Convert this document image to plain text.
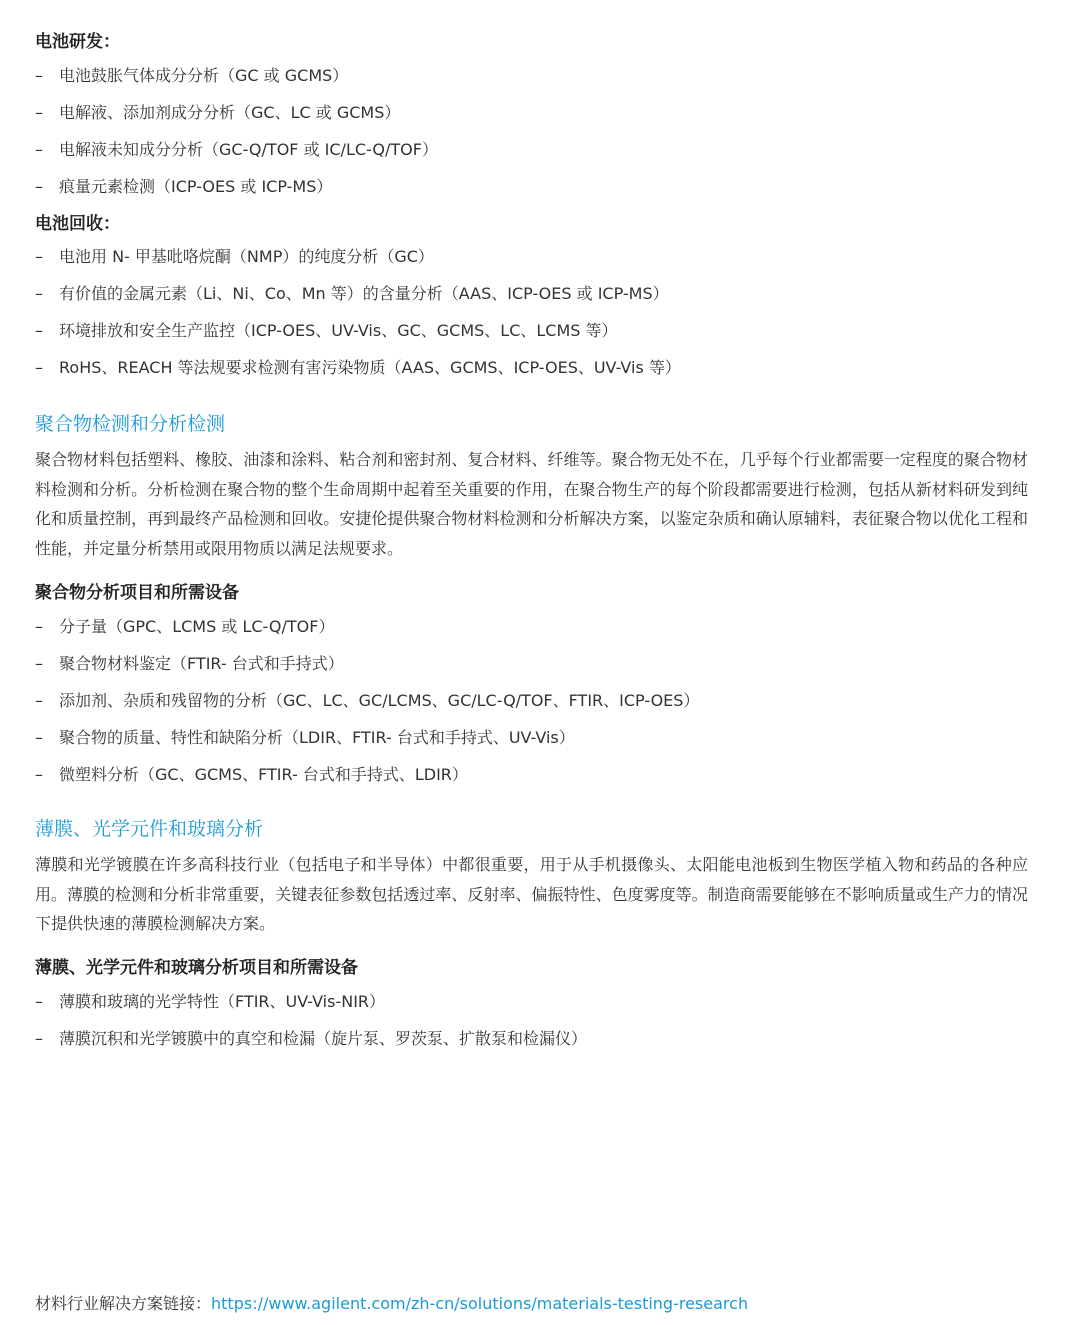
电池研发：
– 电池鼓胀气体成分分析（GC 或 GCMS）
– 电解液、添加剂成分分析（GC、LC 或 GCMS）
– 电解液未知成分分析（GC-Q/TOF 或 IC/LC-Q/TOF）
– 痕量元素检测（ICP-OES 或 ICP-MS）
电池回收：
– 电池用 N- 甲基吡咯烷酮（NMP）的纯度分析（GC）
– 有价值的金属元素（Li、Ni、Co、Mn 等）的含量分析（AAS、ICP-OES 或 ICP-MS）
– 环境排放和安全生产监控（ICP-OES、UV-Vis、GC、GCMS、LC、LCMS 等）
– RoHS、REACH 等法规要求检测有害污染物质（AAS、GCMS、ICP-OES、UV-Vis 等）
聚合物检测和分析检测

聚合物材料包括塑料、橡胶、油漆和涂料、粘合剂和密封剂、复合材料、纤维等。聚合物无处不在，几乎每个行业都需要一定程度的聚合物材料检测和分析。分析检测在聚合物的整个生命周期中起着至关重要的作用，在聚合物生产的每个阶段都需要进行检测，包括从新材料研发到纯化和质量控制，再到最终产品检测和回收。安捷伦提供聚合物材料检测和分析解决方案，以鉴定杂质和确认原辅料，表征聚合物以优化工程和性能，并定量分析禁用或限用物质以满足法规要求。

聚合物分析项目和所需设备
– 分子量（GPC、LCMS 或 LC-Q/TOF）
– 聚合物材料鉴定（FTIR- 台式和手持式）
– 添加剂、杂质和残留物的分析（GC、LC、GC/LCMS、GC/LC-Q/TOF、FTIR、ICP-OES）
– 聚合物的质量、特性和缺陷分析（LDIR、FTIR- 台式和手持式、UV-Vis）
– 微塑料分析（GC、GCMS、FTIR- 台式和手持式、LDIR）
薄膜、光学元件和玻璃分析

薄膜和光学镀膜在许多高科技行业（包括电子和半导体）中都很重要，用于从手机摄像头、太阳能电池板到生物医学植入物和药品的各种应用。薄膜的检测和分析非常重要，关键表征参数包括透过率、反射率、偏振特性、色度雾度等。制造商需要能够在不影响质量或生产力的情况下提供快速的薄膜检测解决方案。

薄膜、光学元件和玻璃分析项目和所需设备
– 薄膜和玻璃的光学特性（FTIR、UV-Vis-NIR）
– 薄膜沉积和光学镀膜中的真空和检漏（旋片泵、罗茨泵、扩散泵和检漏仪）
材料行业解决方案链接：https://www.agilent.com/zh-cn/solutions/materials-testing-research
